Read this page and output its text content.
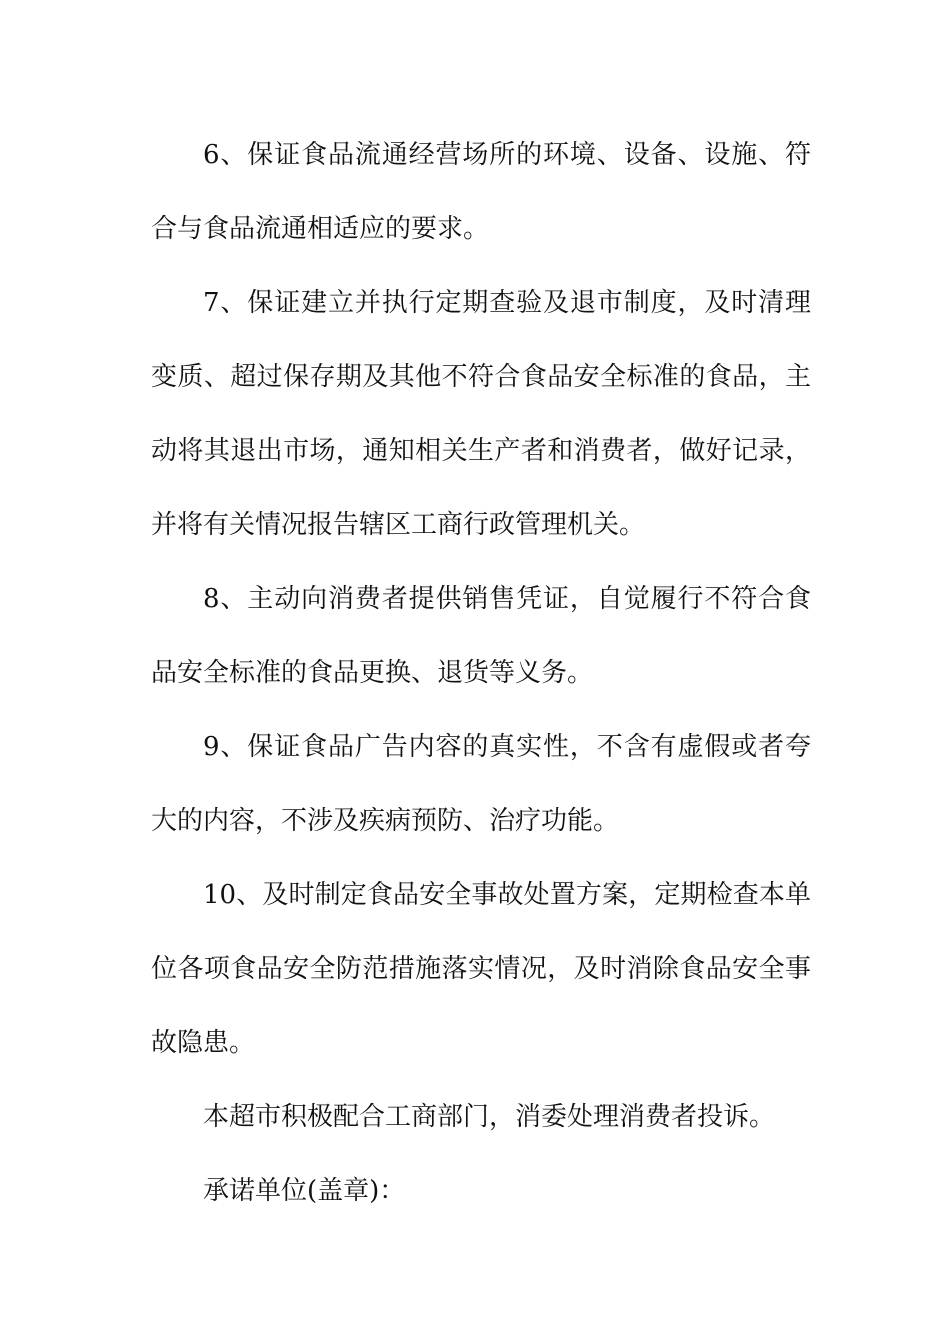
6、保证食品流通经营场所的环境、设备、设施、符合与食品流通相适应的要求。

7、保证建立并执行定期查验及退市制度，及时清理变质、超过保存期及其他不符合食品安全标准的食品，主动将其退出市场，通知相关生产者和消费者，做好记录，并将有关情况报告辖区工商行政管理机关。

8、主动向消费者提供销售凭证，自觉履行不符合食品安全标准的食品更换、退货等义务。

9、保证食品广告内容的真实性，不含有虚假或者夸大的内容，不涉及疾病预防、治疗功能。

10、及时制定食品安全事故处置方案，定期检查本单位各项食品安全防范措施落实情况，及时消除食品安全事故隐患。

本超市积极配合工商部门，消委处理消费者投诉。

承诺单位(盖章)：
